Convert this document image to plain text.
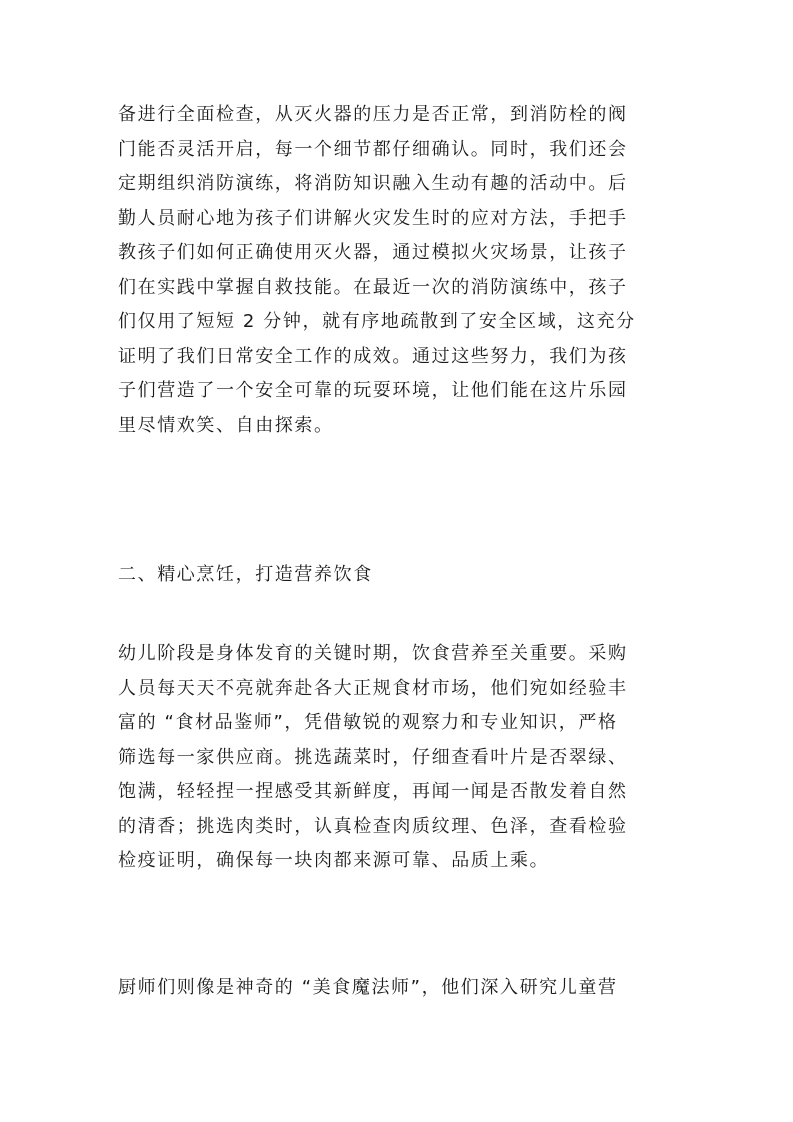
备进行全面检查，从灭火器的压力是否正常，到消防栓的阀
门能否灵活开启，每一个细节都仔细确认。同时，我们还会
定期组织消防演练，将消防知识融入生动有趣的活动中。后
勤人员耐心地为孩子们讲解火灾发生时的应对方法，手把手
教孩子们如何正确使用灭火器，通过模拟火灾场景，让孩子
们在实践中掌握自救技能。在最近一次的消防演练中，孩子
们仅用了短短 2 分钟，就有序地疏散到了安全区域，这充分
证明了我们日常安全工作的成效。通过这些努力，我们为孩
子们营造了一个安全可靠的玩耍环境，让他们能在这片乐园
里尽情欢笑、自由探索。

二、精心烹饪，打造营养饮食

幼儿阶段是身体发育的关键时期，饮食营养至关重要。采购
人员每天天不亮就奔赴各大正规食材市场，他们宛如经验丰
富的 “食材品鉴师”，凭借敏锐的观察力和专业知识，严格
筛选每一家供应商。挑选蔬菜时，仔细查看叶片是否翠绿、
饱满，轻轻捏一捏感受其新鲜度，再闻一闻是否散发着自然
的清香；挑选肉类时，认真检查肉质纹理、色泽，查看检验
检疫证明，确保每一块肉都来源可靠、品质上乘。

厨师们则像是神奇的 “美食魔法师”，他们深入研究儿童营
